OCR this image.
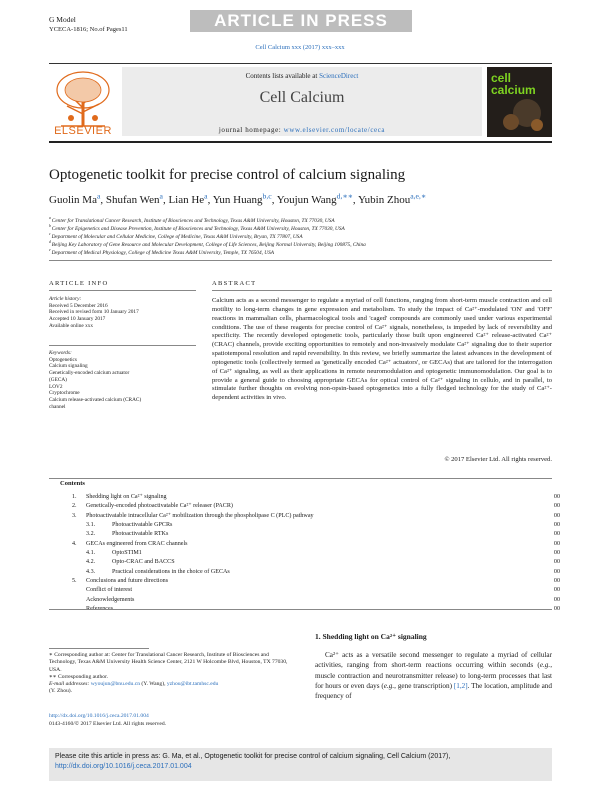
G Model
YCECA-1816; No.of Pages11	ARTICLE IN PRESS
Cell Calcium xxx (2017) xxx–xxx
ELSEVIER
Contents lists available at ScienceDirect
Cell Calcium
journal homepage: www.elsevier.com/locate/ceca
cell calcium
Optogenetic toolkit for precise control of calcium signaling
Guolin Ma$^a$, Shufan Wen$^a$, Lian He$^a$, Yun Huang$^{b,c}$, Youjun Wang$^{d,∗∗}$, Yubin Zhou$^{a,e,∗}$
$^a$ Center for Translational Cancer Research, Institute of Biosciences and Technology, Texas A&M University, Houston, TX 77030, USA
$^b$ Center for Epigenetics and Disease Prevention, Institute of Biosciences and Technology, Texas A&M University, Houston, TX 77030, USA
$^c$ Department of Molecular and Cellular Medicine, College of Medicine, Texas A&M University, Bryan, TX 77807, USA
$^d$ Beijing Key Laboratory of Gene Resource and Molecular Development, College of Life Sciences, Beijing Normal University, Beijing 100875, China
$^e$ Department of Medical Physiology, College of Medicine Texas A&M University, Temple, TX 76504, USA
ARTICLE INFO
Article history:
Received 5 December 2016
Received in revised form 10 January 2017
Accepted 10 January 2017
Available online xxx
Keywords:
Optogenetics
Calcium signaling
Genetically-encoded calcium actuator
(GECA)
LOV2
Cryptochrome
Calcium release-activated calcium (CRAC)
channel
ABSTRACT
Calcium acts as a second messenger to regulate a myriad of cell functions, ranging from short-term muscle contraction and cell motility to long-term changes in gene expression and metabolism. To study the impact of Ca²⁺-modulated 'ON' and 'OFF' reactions in mammalian cells, pharmacological tools and 'caged' compounds are commonly used under various experimental conditions. The use of these reagents for precise control of Ca²⁺ signals, nonetheless, is impeded by lack of reversibility and specificity. The recently developed optogenetic tools, particularly those built upon engineered Ca²⁺ release-activated Ca²⁺ (CRAC) channels, provide exciting opportunities to remotely and non-invasively modulate Ca²⁺ signaling due to their superior spatiotemporal resolution and rapid reversibility. In this review, we briefly summarize the latest advances in the development of optogenetic tools (collectively termed as 'genetically encoded Ca²⁺ actuators', or GECAs) that are tailored for the interrogation of Ca²⁺ signaling, as well as their applications in remote neuromodulation and optogenetic immunomodulation. Our goal is to provide a general guide to choosing appropriate GECAs for optical control of Ca²⁺ signaling in cellulo, and in parallel, to stimulate further thoughts on evolving non-opsin-based optogenetics into a fully fledged technology for the study of Ca²⁺-dependent activities in vivo.
© 2017 Elsevier Ltd. All rights reserved.
Contents
1. Shedding light on Ca²⁺ signaling	00
2. Genetically-encoded photoactivatable Ca²⁺ releaser (PACR)	00
3. Photoactivatable intracellular Ca²⁺ mobilization through the phospholipase C (PLC) pathway	00
3.1.	Photoactivatable GPCRs	00
3.2.	Photoactivatable RTKs	00
4. GECAs engineered from CRAC channels	00
4.1.	OptoSTIM1	00
4.2.	Opto-CRAC and BACCS	00
4.3.	Practical considerations in the choice of GECAs	00
5. Conclusions and future directions	00
Conflict of interest	00
Acknowledgements	00
References	00
∗ Corresponding author at: Center for Translational Cancer Research, Institute of Biosciences and Technology, Texas A&M University Health Science Center, 2121 W Holcombe Blvd, Houston, TX 77030, USA.
∗∗ Corresponding author.
E-mail addresses: wyoujun@bnu.edu.cn (Y. Wang), yzhou@ibt.tamhsc.edu
(Y. Zhou).
http://dx.doi.org/10.1016/j.ceca.2017.01.004
0143-4160/© 2017 Elsevier Ltd. All rights reserved.
1. Shedding light on Ca²⁺ signaling
Ca²⁺ acts as a versatile second messenger to regulate a myriad of cellular activities, ranging from short-term reactions occurring within seconds (e.g., muscle contraction and neurotransmitter release) to long-term processes that last for hours or even days (e.g., gene transcription) [1,2]. The location, amplitude and frequency of
Please cite this article in press as: G. Ma, et al., Optogenetic toolkit for precise control of calcium signaling, Cell Calcium (2017),
http://dx.doi.org/10.1016/j.ceca.2017.01.004
